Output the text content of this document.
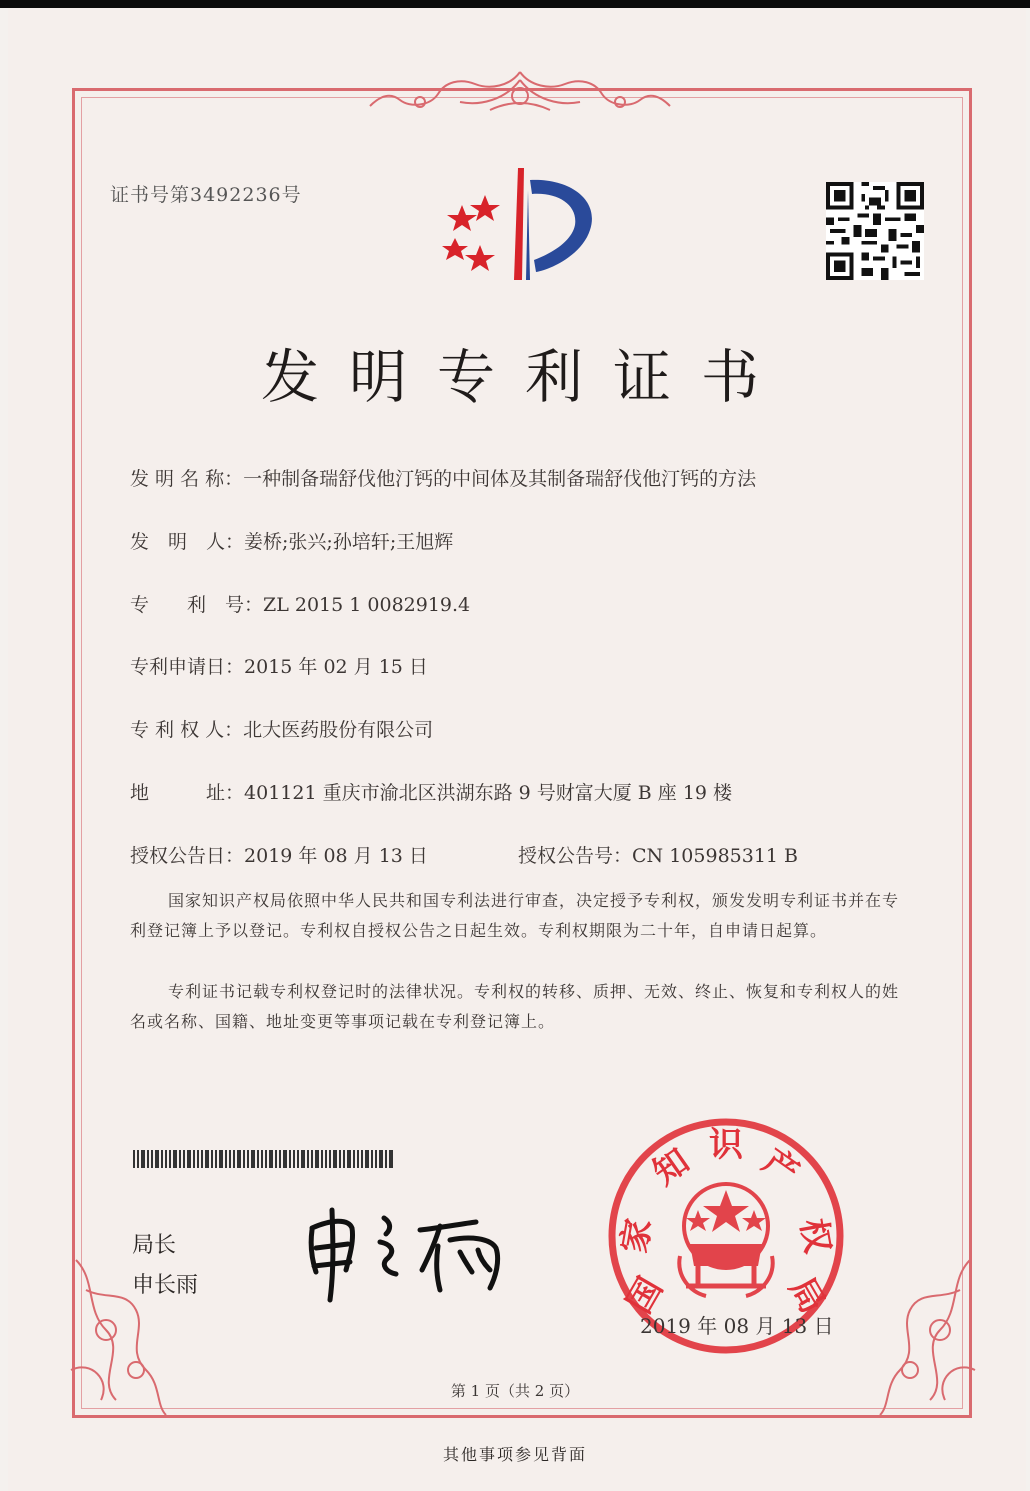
证书号第3492236号
发明专利证书
发 明 名 称：一种制备瑞舒伐他汀钙的中间体及其制备瑞舒伐他汀钙的方法
发　明　人：姜桥;张兴;孙培轩;王旭辉
专　　利　号：ZL 2015 1 0082919.4
专利申请日：2015 年 02 月 15 日
专 利 权 人：北大医药股份有限公司
地　　　址：401121 重庆市渝北区洪湖东路 9 号财富大厦 B 座 19 楼
授权公告日：2019 年 08 月 13 日	授权公告号：CN 105985311 B
国家知识产权局依照中华人民共和国专利法进行审查，决定授予专利权，颁发发明专利证书并在专利登记簿上予以登记。专利权自授权公告之日起生效。专利权期限为二十年，自申请日起算。
专利证书记载专利权登记时的法律状况。专利权的转移、质押、无效、终止、恢复和专利权人的姓名或名称、国籍、地址变更等事项记载在专利登记簿上。
局长
申长雨	国
家
知 识 产
权
局
2019 年 08 月 13 日
第 1 页（共 2 页）
其他事项参见背面
